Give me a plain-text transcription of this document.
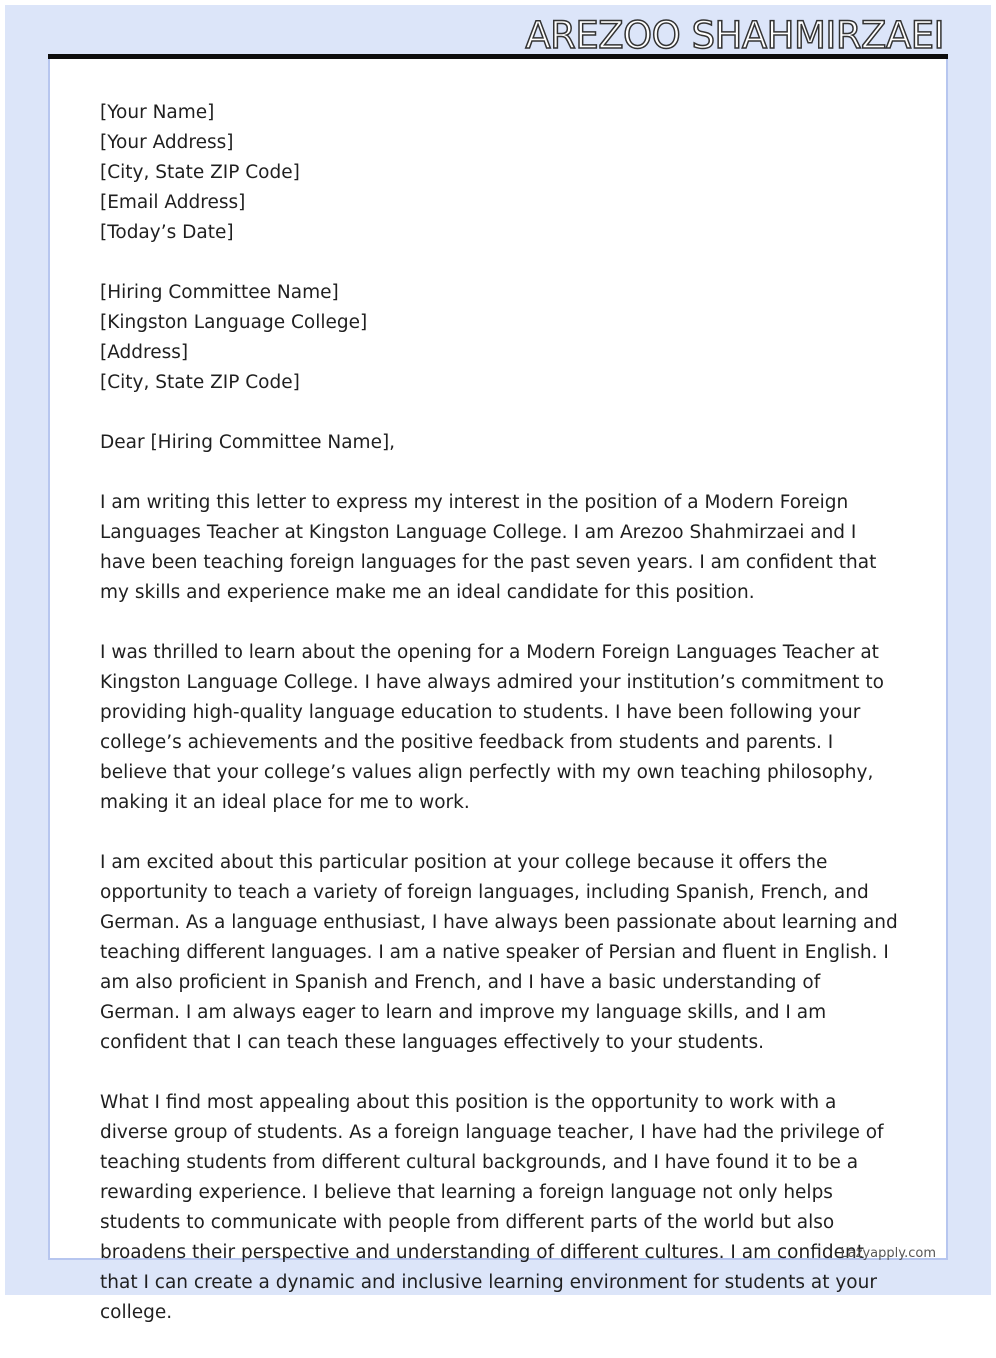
AREZOO SHAHMIRZAEI
[Your Name]
[Your Address]
[City, State ZIP Code]
[Email Address]
[Today’s Date]
[Hiring Committee Name]
[Kingston Language College]
[Address]
[City, State ZIP Code]

Dear [Hiring Committee Name],

I am writing this letter to express my interest in the position of a Modern Foreign Languages Teacher at Kingston Language College. I am Arezoo Shahmirzaei and I have been teaching foreign languages for the past seven years. I am confident that my skills and experience make me an ideal candidate for this position.

I was thrilled to learn about the opening for a Modern Foreign Languages Teacher at Kingston Language College. I have always admired your institution’s commitment to providing high-quality language education to students. I have been following your college’s achievements and the positive feedback from students and parents. I believe that your college’s values align perfectly with my own teaching philosophy, making it an ideal place for me to work.

I am excited about this particular position at your college because it offers the opportunity to teach a variety of foreign languages, including Spanish, French, and German. As a language enthusiast, I have always been passionate about learning and teaching different languages. I am a native speaker of Persian and fluent in English. I am also proficient in Spanish and French, and I have a basic understanding of German. I am always eager to learn and improve my language skills, and I am confident that I can teach these languages effectively to your students.

What I find most appealing about this position is the opportunity to work with a diverse group of students. As a foreign language teacher, I have had the privilege of teaching students from different cultural backgrounds, and I have found it to be a rewarding experience. I believe that learning a foreign language not only helps students to communicate with people from different parts of the world but also broadens their perspective and understanding of different cultures. I am confident that I can create a dynamic and inclusive learning environment for students at your college.

Lazyapply.com
